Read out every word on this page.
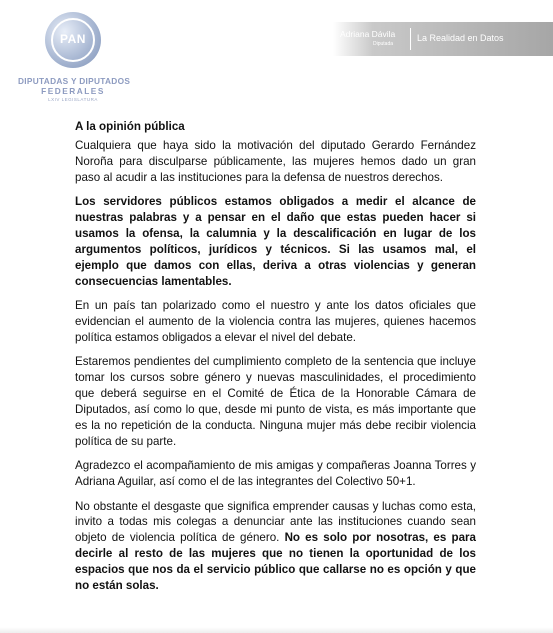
PAN
DIPUTADAS Y DIPUTADOS
FEDERALES
LXIV LEGISLATURA
Adriana Dávila
Diputada
La Realidad en Datos

A la opinión pública

Cualquiera que haya sido la motivación del diputado Gerardo Fernández Noroña para disculparse públicamente, las mujeres hemos dado un gran paso al acudir a las instituciones para la defensa de nuestros derechos.

Los servidores públicos estamos obligados a medir el alcance de nuestras palabras y a pensar en el daño que estas pueden hacer si usamos la ofensa, la calumnia y la descalificación en lugar de los argumentos políticos, jurídicos y técnicos. Si las usamos mal, el ejemplo que damos con ellas, deriva a otras violencias y generan consecuencias lamentables.

En un país tan polarizado como el nuestro y ante los datos oficiales que evidencian el aumento de la violencia contra las mujeres, quienes hacemos política estamos obligados a elevar el nivel del debate.

Estaremos pendientes del cumplimiento completo de la sentencia que incluye tomar los cursos sobre género y nuevas masculinidades, el procedimiento que deberá seguirse en el Comité de Ética de la Honorable Cámara de Diputados, así como lo que, desde mi punto de vista, es más importante que es la no repetición de la conducta. Ninguna mujer más debe recibir violencia política de su parte.

Agradezco el acompañamiento de mis amigas y compañeras Joanna Torres y Adriana Aguilar, así como el de las integrantes del Colectivo 50+1.

No obstante el desgaste que significa emprender causas y luchas como esta, invito a todas mis colegas a denunciar ante las instituciones cuando sean objeto de violencia política de género. No es solo por nosotras, es para decirle al resto de las mujeres que no tienen la oportunidad de los espacios que nos da el servicio público que callarse no es opción y que no están solas.
